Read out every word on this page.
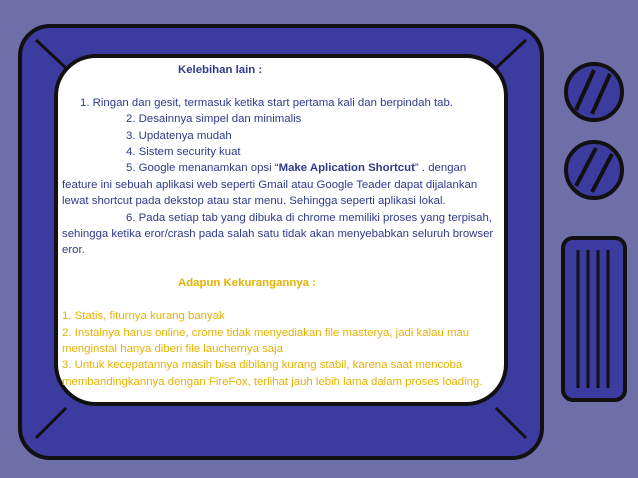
Kelebihan lain :

1. Ringan dan gesit, termasuk ketika start pertama kali dan berpindah tab.
2. Desainnya simpel dan minimalis
3. Updatenya mudah
4. Sistem security kuat
5. Google menanamkan opsi “Make Aplication Shortcut” . dengan
feature ini sebuah aplikasi web seperti Gmail atau Google Teader dapat dijalankan
lewat shortcut pada dekstop atau star menu. Sehingga seperti aplikasi lokal.
6. Pada setiap tab yang dibuka di chrome memiliki proses yang terpisah,
sehingga ketika eror/crash pada salah satu tidak akan menyebabkan seluruh browser
eror.

Adapun Kekurangannya :

1. Statis, fiturnya kurang banyak
2. Instalnya harus online, crome tidak menyediakan file masterya, jadi kalau mau
menginstal hanya diberi file lauchernya saja
3. Untuk kecepatannya masih bisa dibilang kurang stabil, karena saat mencoba
membandingkannya dengan FireFox, terlihat jauh lebih lama dalam proses loading.
